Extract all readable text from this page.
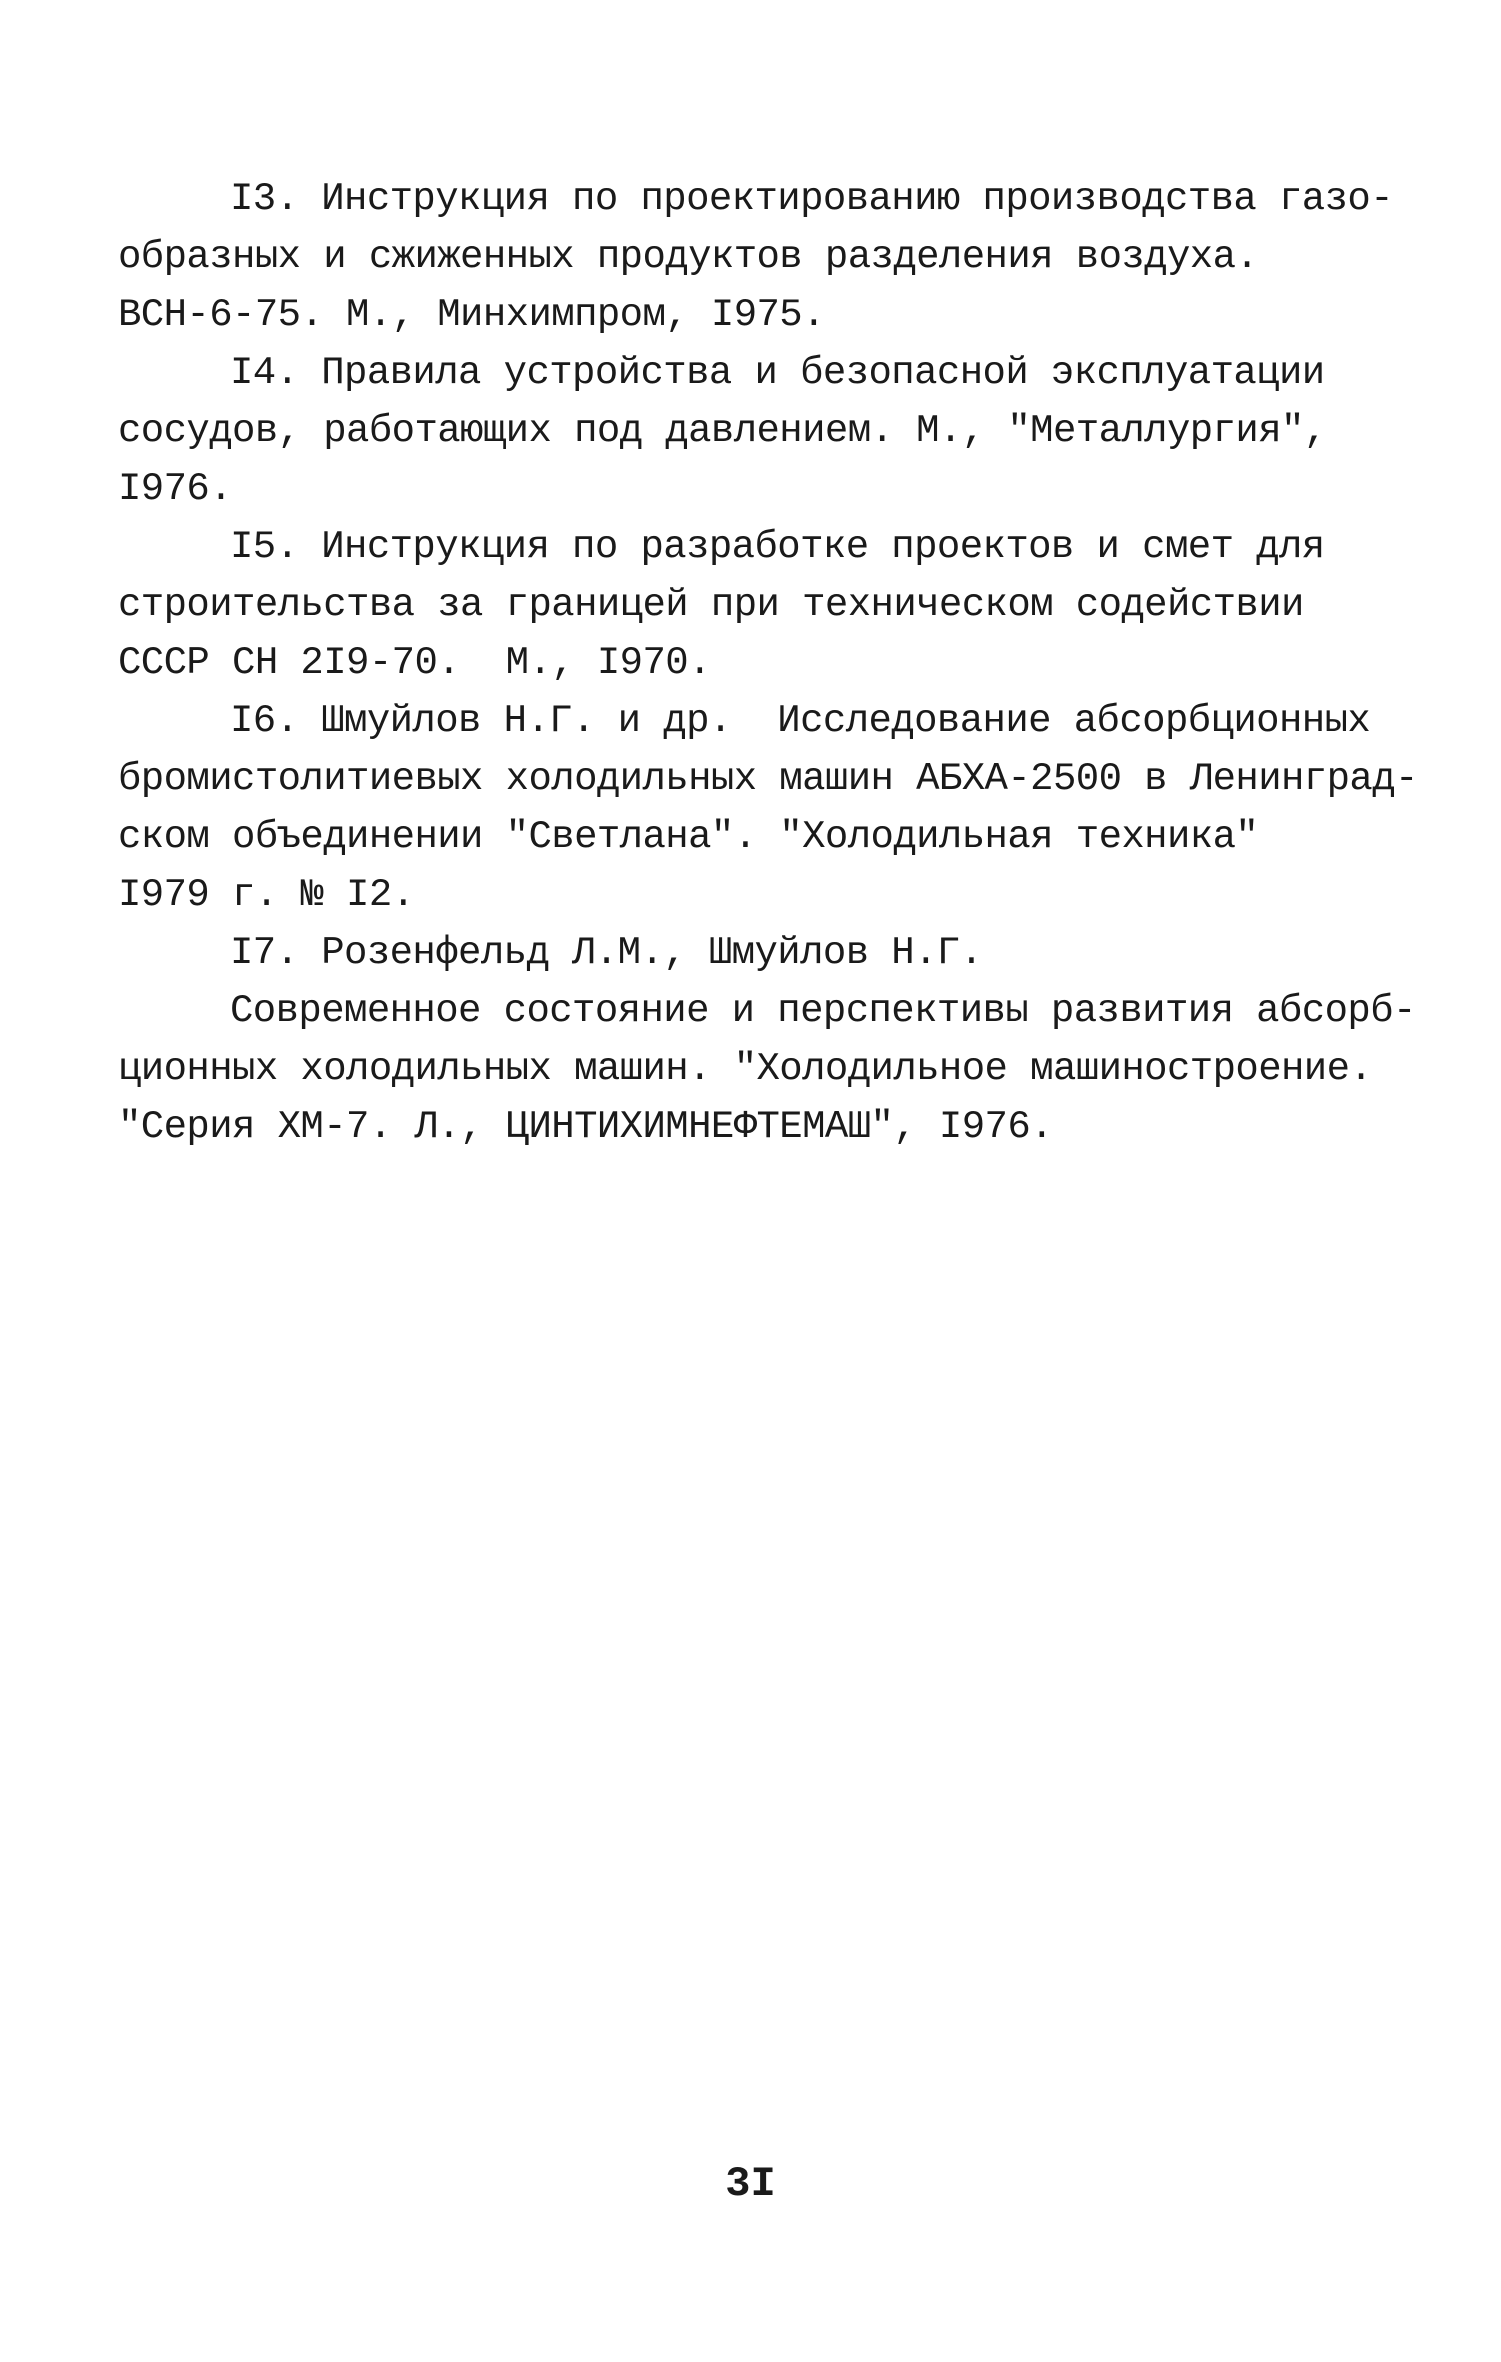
I3. Инструкция по проектированию производства газо-
образных и сжиженных продуктов разделения воздуха.
ВСН-6-75. М., Минхимпром, I975.
I4. Правила устройства и безопасной эксплуатации
сосудов, работающих под давлением. М., "Металлургия",
I976.
I5. Инструкция по разработке проектов и смет для
строительства за границей при техническом содействии
СССР СН 2I9-70.  М., I970.
I6. Шмуйлов Н.Г. и др.  Исследование абсорбционных
бромистолитиевых холодильных машин АБХА-2500 в Ленинград-
ском объединении "Светлана". "Холодильная техника"
I979 г. № I2.
I7. Розенфельд Л.М., Шмуйлов Н.Г.
Современное состояние и перспективы развития абсорб-
ционных холодильных машин. "Холодильное машиностроение.
"Серия ХМ-7. Л., ЦИНТИХИМНЕФТЕМАШ", I976.
3I
